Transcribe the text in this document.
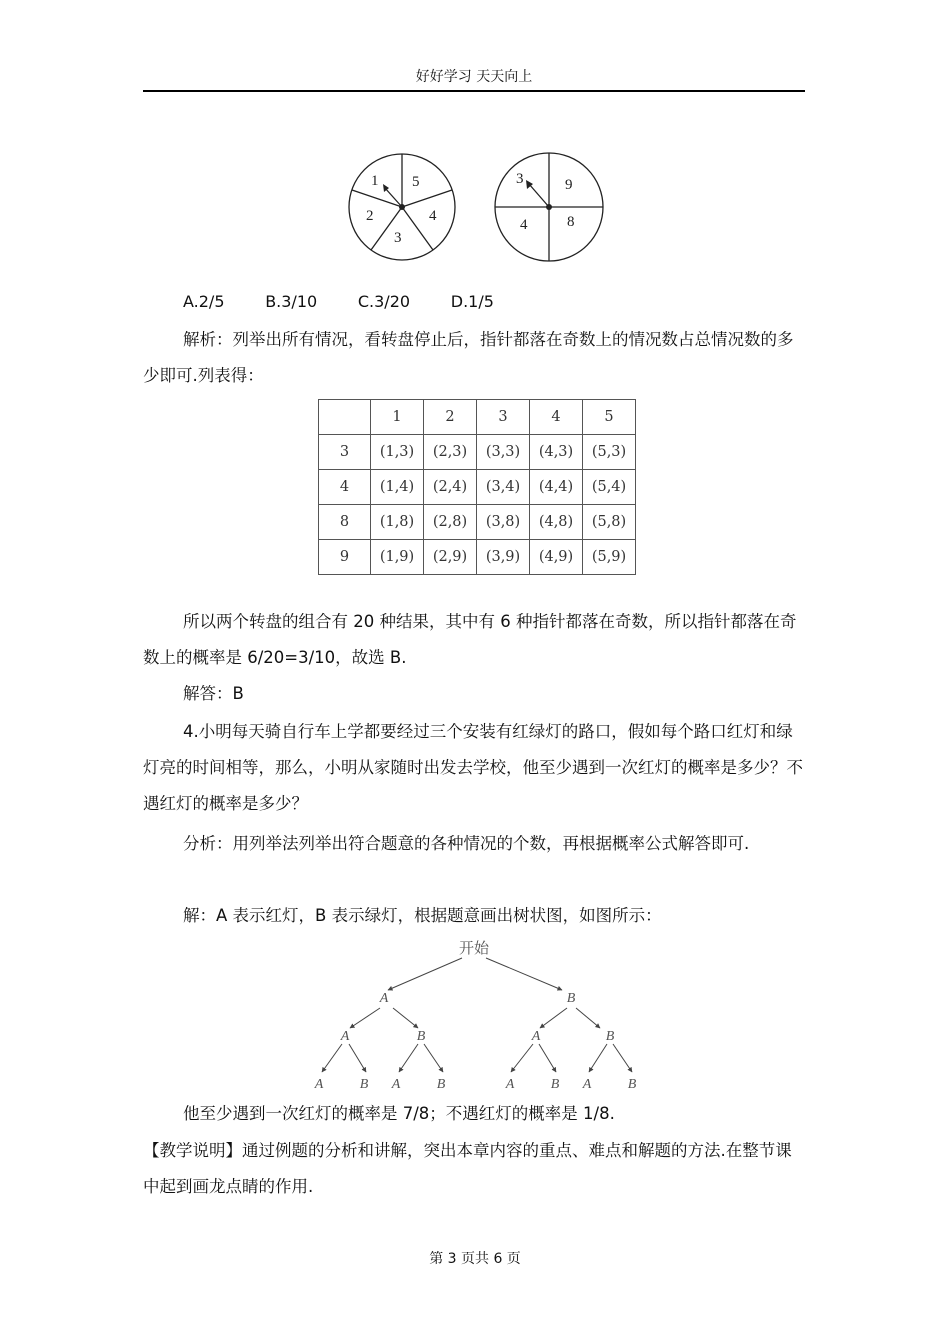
好好学习 天天向上
1 5
4
3
2
3	9
8
4
A.2/5        B.3/10        C.3/20        D.1/5
解析：列举出所有情况，看转盘停止后，指针都落在奇数上的情况数占总情况数的多少即可.列表得：
	1	2	3	4	5
3	(1,3)	(2,3)	(3,3)	(4,3)	(5,3)
4	(1,4)	(2,4)	(3,4)	(4,4)	(5,4)
8	(1,8)	(2,8)	(3,8)	(4,8)	(5,8)
9	(1,9)	(2,9)	(3,9)	(4,9)	(5,9)
所以两个转盘的组合有 20 种结果，其中有 6 种指针都落在奇数，所以指针都落在奇数上的概率是 6/20=3/10，故选 B.
解答：B
4.小明每天骑自行车上学都要经过三个安装有红绿灯的路口，假如每个路口红灯和绿灯亮的时间相等，那么，小明从家随时出发去学校，他至少遇到一次红灯的概率是多少？不遇红灯的概率是多少？
分析：用列举法列举出符合题意的各种情况的个数，再根据概率公式解答即可.
解：A 表示红灯，B 表示绿灯，根据题意画出树状图，如图所示：
开始
A	B
A	B	A	B
A	B A	B	A	B A	B
他至少遇到一次红灯的概率是 7/8；不遇红灯的概率是 1/8.
【教学说明】通过例题的分析和讲解，突出本章内容的重点、难点和解题的方法.在整节课中起到画龙点睛的作用.
第 3 页共 6 页
